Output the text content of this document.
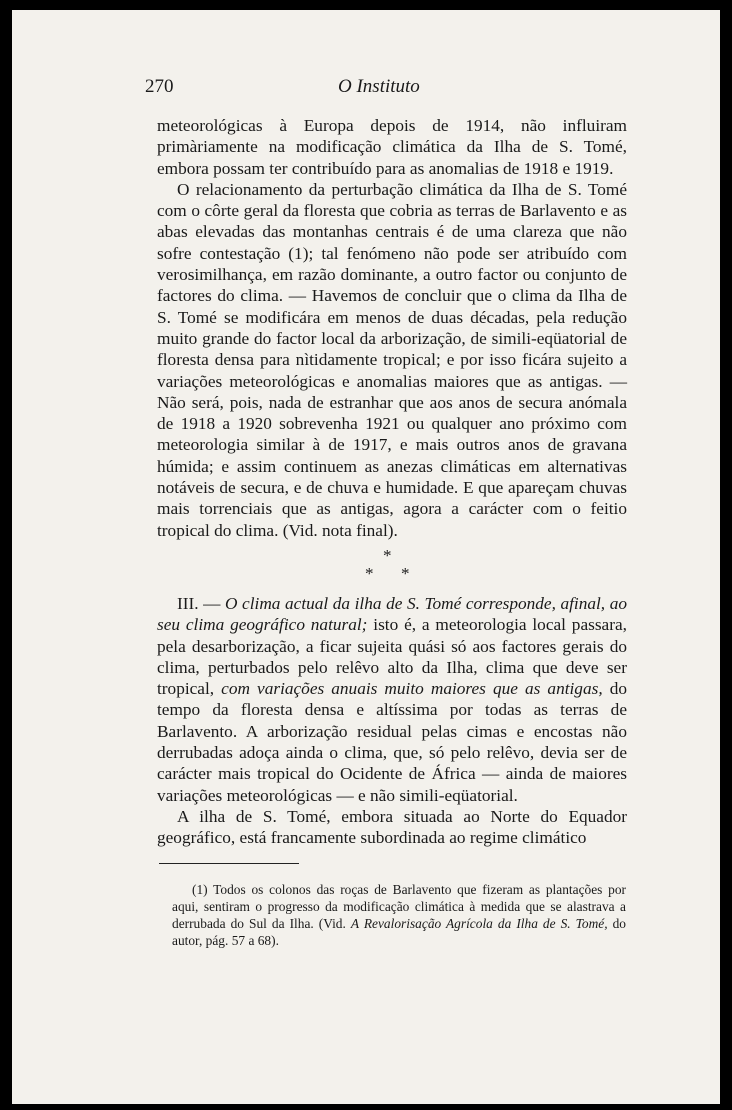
270	O Instituto

meteorológicas à Europa depois de 1914, não influiram primàriamente na modificação climática da Ilha de S. Tomé, embora possam ter contribuído para as anomalias de 1918 e 1919.

O relacionamento da perturbação climática da Ilha de S. Tomé com o côrte geral da floresta que cobria as terras de Barlavento e as abas elevadas das montanhas centrais é de uma clareza que não sofre contestação (1); tal fenómeno não pode ser atribuído com verosimilhança, em razão dominante, a outro factor ou conjunto de factores do clima. — Havemos de concluir que o clima da Ilha de S. Tomé se modificára em menos de duas décadas, pela redução muito grande do factor local da arborização, de simili-eqüatorial de floresta densa para nìtidamente tropical; e por isso ficára sujeito a variações meteorológicas e anomalias maiores que as antigas. — Não será, pois, nada de estranhar que aos anos de secura anómala de 1918 a 1920 sobrevenha 1921 ou qualquer ano próximo com meteorologia similar à de 1917, e mais outros anos de gravana húmida; e assim continuem as anezas climáticas em alternativas notáveis de secura, e de chuva e humidade. E que apareçam chuvas mais torrenciais que as antigas, agora a carácter com o feitio tropical do clima. (Vid. nota final).

*
* *

III. — O clima actual da ilha de S. Tomé corresponde, afinal, ao seu clima geográfico natural; isto é, a meteorologia local passara, pela desarborização, a ficar sujeita quási só aos factores gerais do clima, perturbados pelo relêvo alto da Ilha, clima que deve ser tropical, com variações anuais muito maiores que as antigas, do tempo da floresta densa e altíssima por todas as terras de Barlavento. A arborização residual pelas cimas e encostas não derrubadas adoça ainda o clima, que, só pelo relêvo, devia ser de carácter mais tropical do Ocidente de África — ainda de maiores variações meteorológicas — e não simili-eqüatorial.

A ilha de S. Tomé, embora situada ao Norte do Equador geográfico, está francamente subordinada ao regime climático

(1) Todos os colonos das roças de Barlavento que fizeram as plantações por aqui, sentiram o progresso da modificação climática à medida que se alastrava a derrubada do Sul da Ilha. (Vid. A Revalorisação Agrícola da Ilha de S. Tomé, do autor, pág. 57 a 68).
